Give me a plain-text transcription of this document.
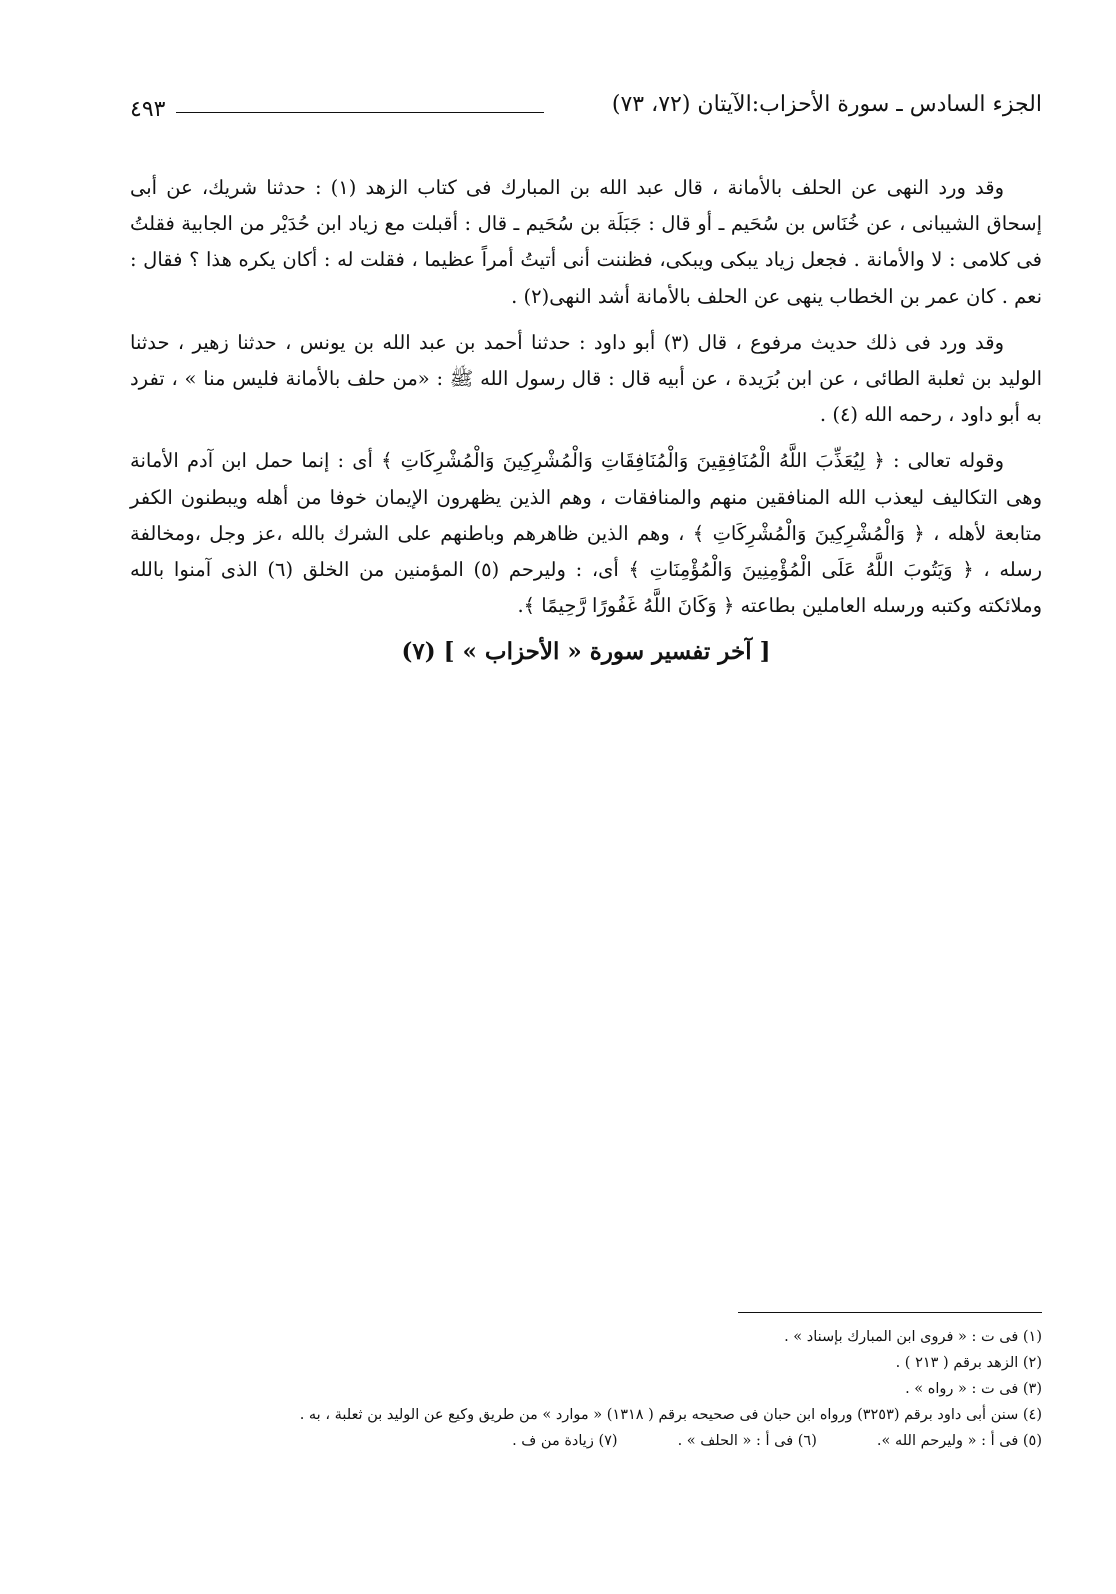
الجزء السادس ـ سورة الأحزاب:الآيتان (٧٢، ٧٣)
٤٩٣

وقد ورد النهى عن الحلف بالأمانة ، قال عبد الله بن المبارك فى كتاب الزهد (١) : حدثنا شريك، عن أبى إسحاق الشيبانى ، عن خُنَاس بن سُحَيم ـ أو قال : جَبَلَة بن سُحَيم ـ قال : أقبلت مع زياد ابن حُدَيْر من الجابية فقلتُ فى كلامى : لا والأمانة . فجعل زياد يبكى ويبكى، فظننت أنى أتيتُ أمراً عظيما ، فقلت له : أكان يكره هذا ؟ فقال : نعم . كان عمر بن الخطاب ينهى عن الحلف بالأمانة أشد النهى(٢) .

وقد ورد فى ذلك حديث مرفوع ، قال (٣) أبو داود : حدثنا أحمد بن عبد الله بن يونس ، حدثنا زهير ، حدثنا الوليد بن ثعلبة الطائى ، عن ابن بُرَيدة ، عن أبيه قال : قال رسول الله ﷺ : «من حلف بالأمانة فليس منا » ، تفرد به أبو داود ، رحمه الله (٤) .

وقوله تعالى : ﴿ لِيُعَذِّبَ اللَّهُ الْمُنَافِقِينَ وَالْمُنَافِقَاتِ وَالْمُشْرِكِينَ وَالْمُشْرِكَاتِ ﴾ أى : إنما حمل ابن آدم الأمانة وهى التكاليف ليعذب الله المنافقين منهم والمنافقات ، وهم الذين يظهرون الإيمان خوفا من أهله ويبطنون الكفر متابعة لأهله ، ﴿ وَالْمُشْرِكِينَ وَالْمُشْرِكَاتِ ﴾ ، وهم الذين ظاهرهم وباطنهم على الشرك بالله ،عز وجل ،ومخالفة رسله ، ﴿ وَيَتُوبَ اللَّهُ عَلَى الْمُؤْمِنِينَ وَالْمُؤْمِنَاتِ ﴾ أى، : وليرحم (٥) المؤمنين من الخلق (٦) الذى آمنوا بالله وملائكته وكتبه ورسله العاملين بطاعته ﴿ وَكَانَ اللَّهُ غَفُورًا رَّحِيمًا ﴾.

[ آخر تفسير سورة « الأحزاب » ] (٧)

(١) فى ت : « فروى ابن المبارك بإسناد » .
(٢) الزهد برقم ( ٢١٣ ) .
(٣) فى ت : « رواه » .
(٤) سنن أبى داود برقم (٣٢٥٣) ورواه ابن حبان فى صحيحه برقم ( ١٣١٨) « موارد » من طريق وكيع عن الوليد بن ثعلبة ، به .
(٥) فى أ : « وليرحم الله ».
(٦) فى أ : « الحلف » .
(٧) زيادة من ف .
